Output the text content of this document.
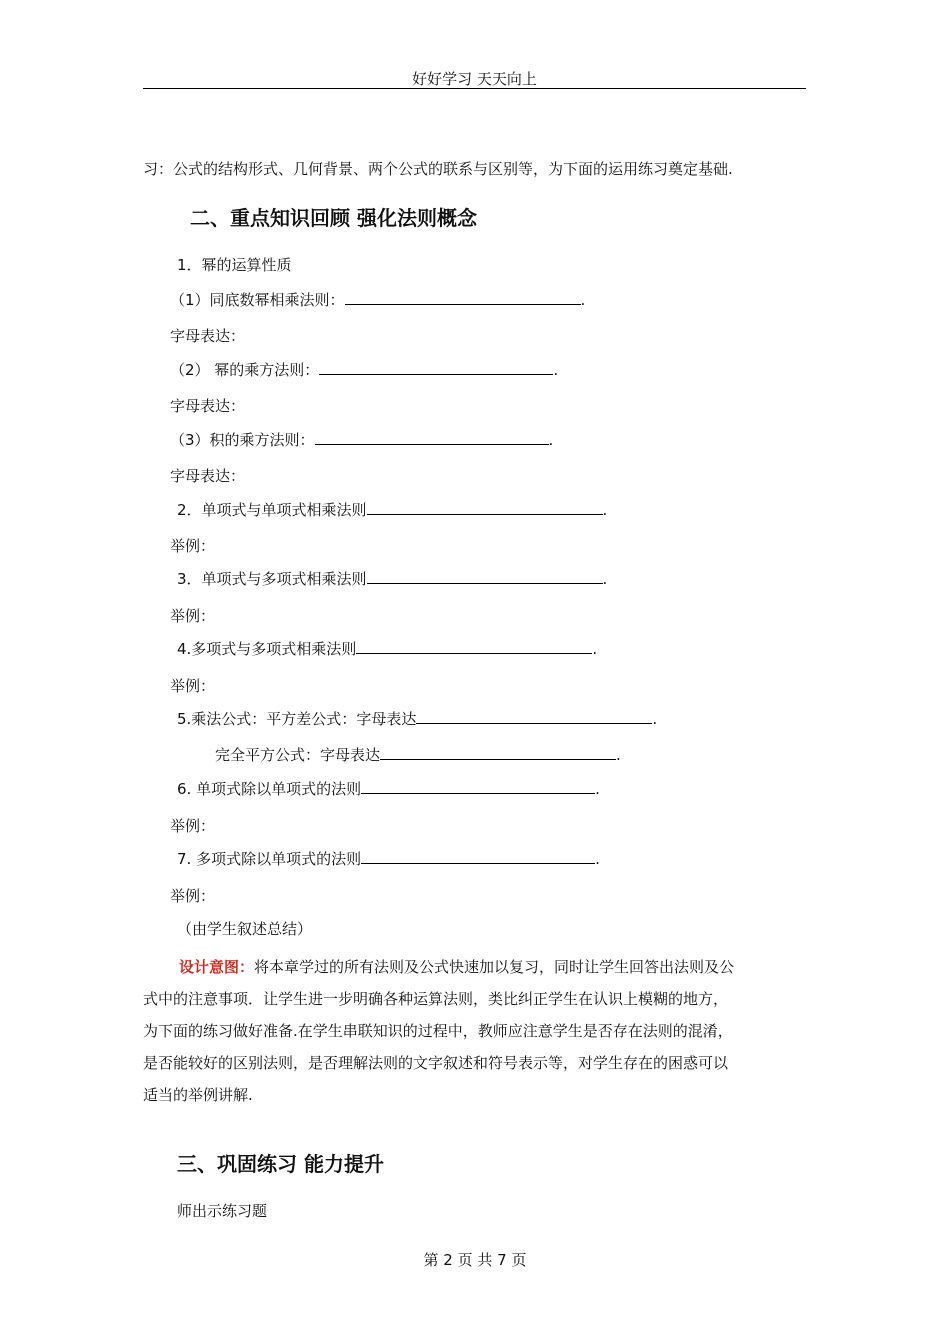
好好学习 天天向上
习：公式的结构形式、几何背景、两个公式的联系与区别等，为下面的运用练习奠定基础.
二、重点知识回顾 强化法则概念
1．幂的运算性质
（1）同底数幂相乘法则：	.
字母表达：
（2） 幂的乘方法则：	.
字母表达：
（3）积的乘方法则：	.
字母表达：
2．单项式与单项式相乘法则	.
举例：
3．单项式与多项式相乘法则	.
举例：
4.多项式与多项式相乘法则	.
举例：
5.乘法公式：平方差公式：字母表达	.
完全平方公式：字母表达	.
6. 单项式除以单项式的法则	.
举例：
7. 多项式除以单项式的法则	.
举例：
（由学生叙述总结）
设计意图：将本章学过的所有法则及公式快速加以复习，同时让学生回答出法则及公
式中的注意事项．让学生进一步明确各种运算法则，类比纠正学生在认识上模糊的地方，
为下面的练习做好准备.在学生串联知识的过程中，教师应注意学生是否存在法则的混淆，
是否能较好的区别法则，是否理解法则的文字叙述和符号表示等，对学生存在的困惑可以
适当的举例讲解.
三、巩固练习 能力提升
师出示练习题
第 2 页 共 7 页
